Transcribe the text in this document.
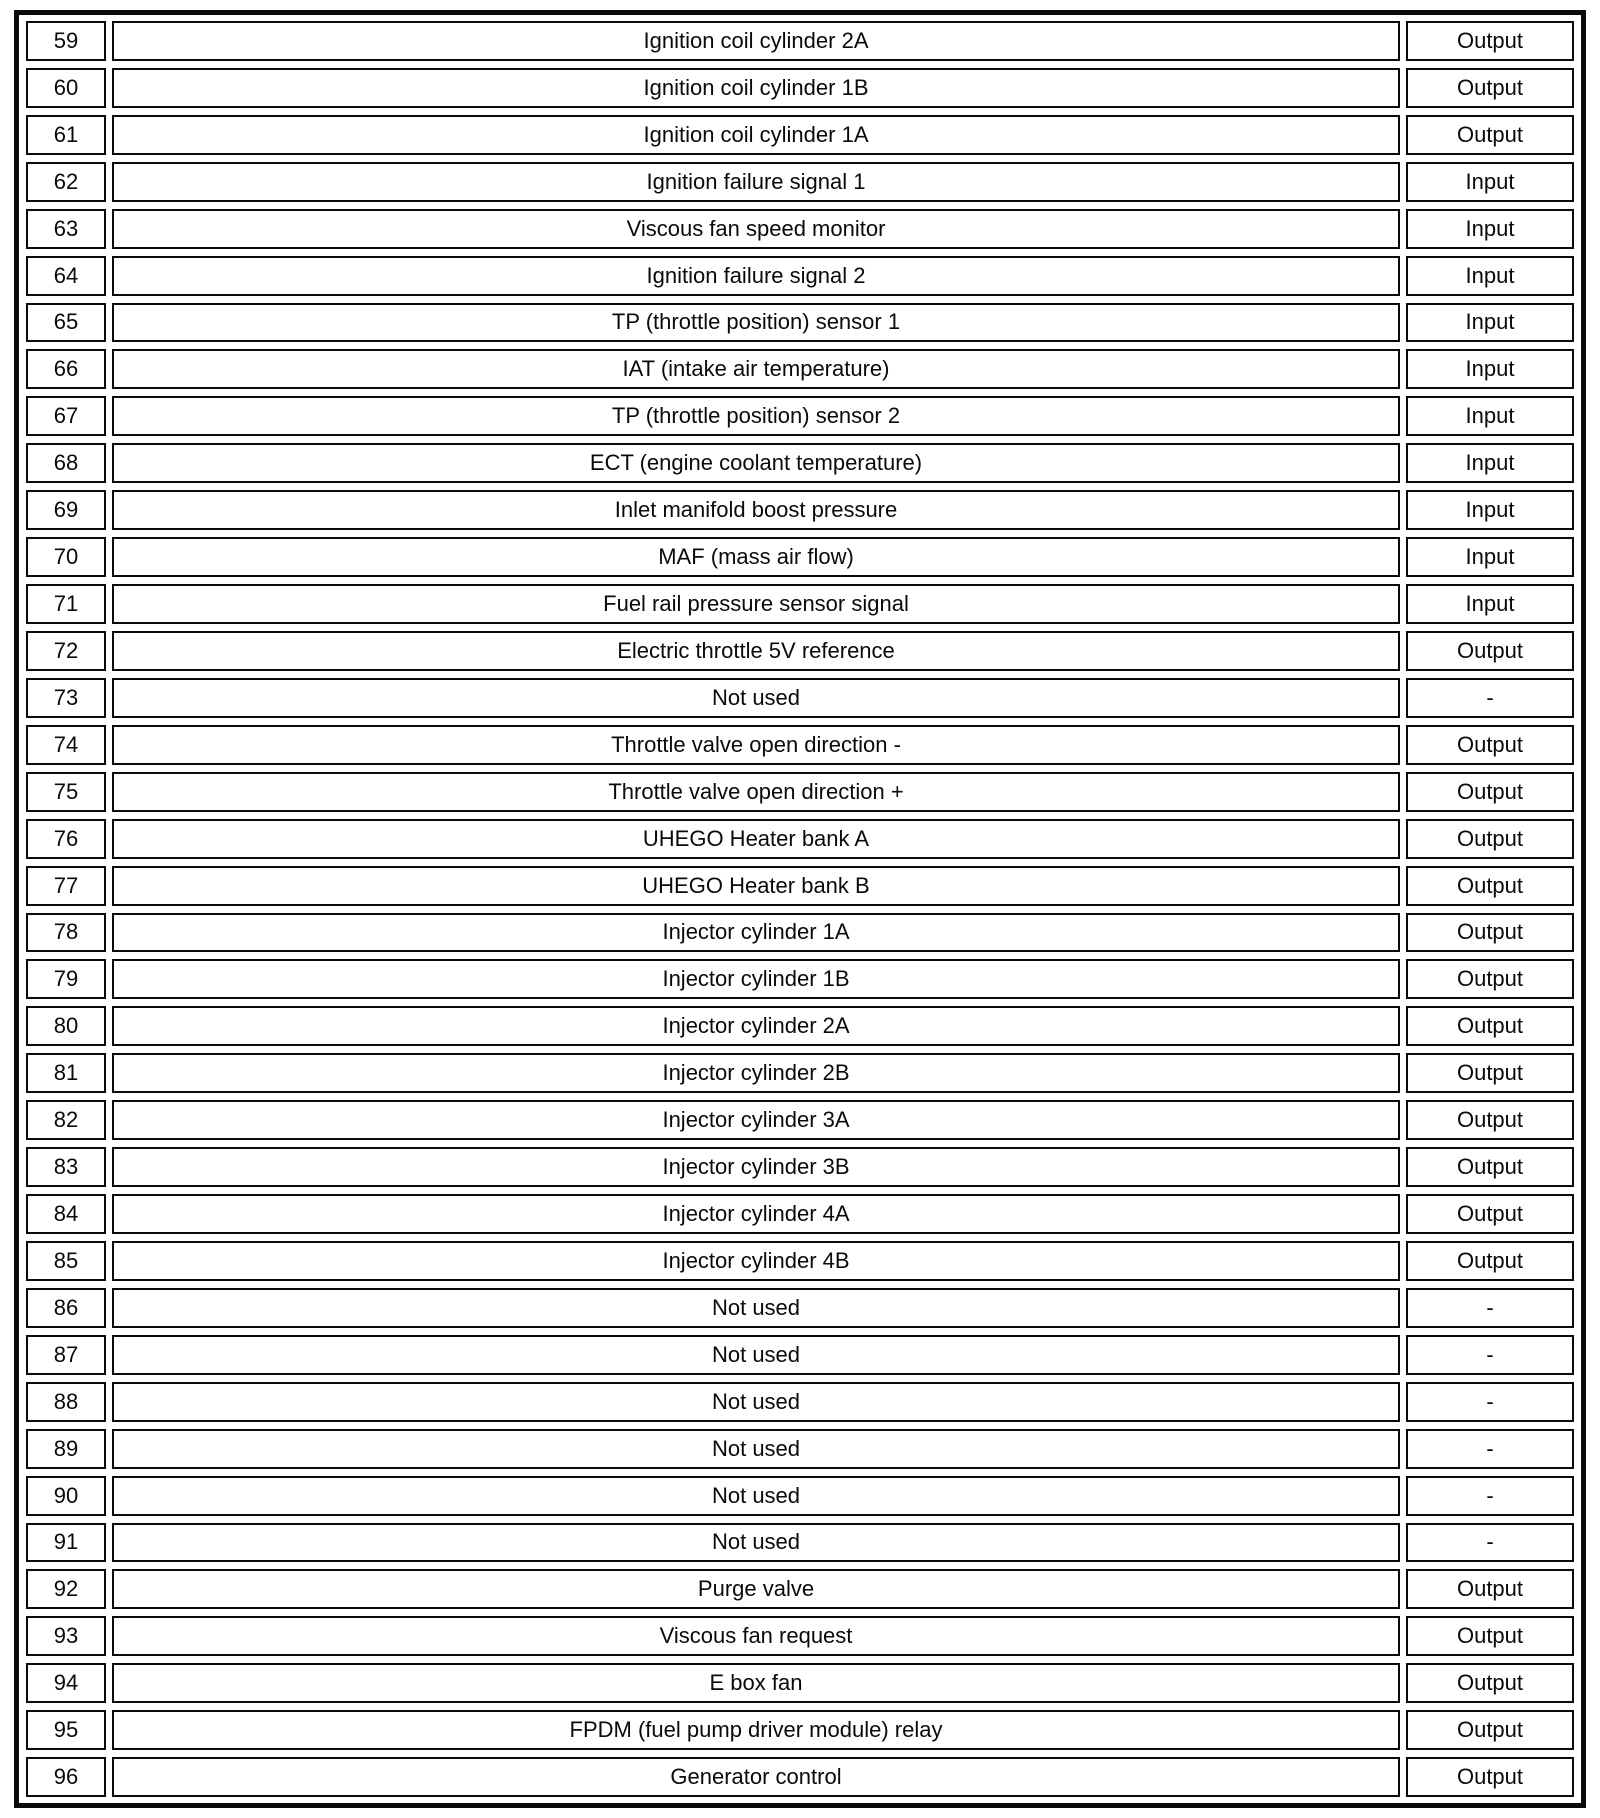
59	Ignition coil cylinder 2A	Output
60	Ignition coil cylinder 1B	Output
61	Ignition coil cylinder 1A	Output
62	Ignition failure signal 1	Input
63	Viscous fan speed monitor	Input
64	Ignition failure signal 2	Input
65	TP (throttle position) sensor 1	Input
66	IAT (intake air temperature)	Input
67	TP (throttle position) sensor 2	Input
68	ECT (engine coolant temperature)	Input
69	Inlet manifold boost pressure	Input
70	MAF (mass air flow)	Input
71	Fuel rail pressure sensor signal	Input
72	Electric throttle 5V reference	Output
73	Not used	-
74	Throttle valve open direction -	Output
75	Throttle valve open direction +	Output
76	UHEGO Heater bank A	Output
77	UHEGO Heater bank B	Output
78	Injector cylinder 1A	Output
79	Injector cylinder 1B	Output
80	Injector cylinder 2A	Output
81	Injector cylinder 2B	Output
82	Injector cylinder 3A	Output
83	Injector cylinder 3B	Output
84	Injector cylinder 4A	Output
85	Injector cylinder 4B	Output
86	Not used	-
87	Not used	-
88	Not used	-
89	Not used	-
90	Not used	-
91	Not used	-
92	Purge valve	Output
93	Viscous fan request	Output
94	E box fan	Output
95	FPDM (fuel pump driver module) relay	Output
96	Generator control	Output
